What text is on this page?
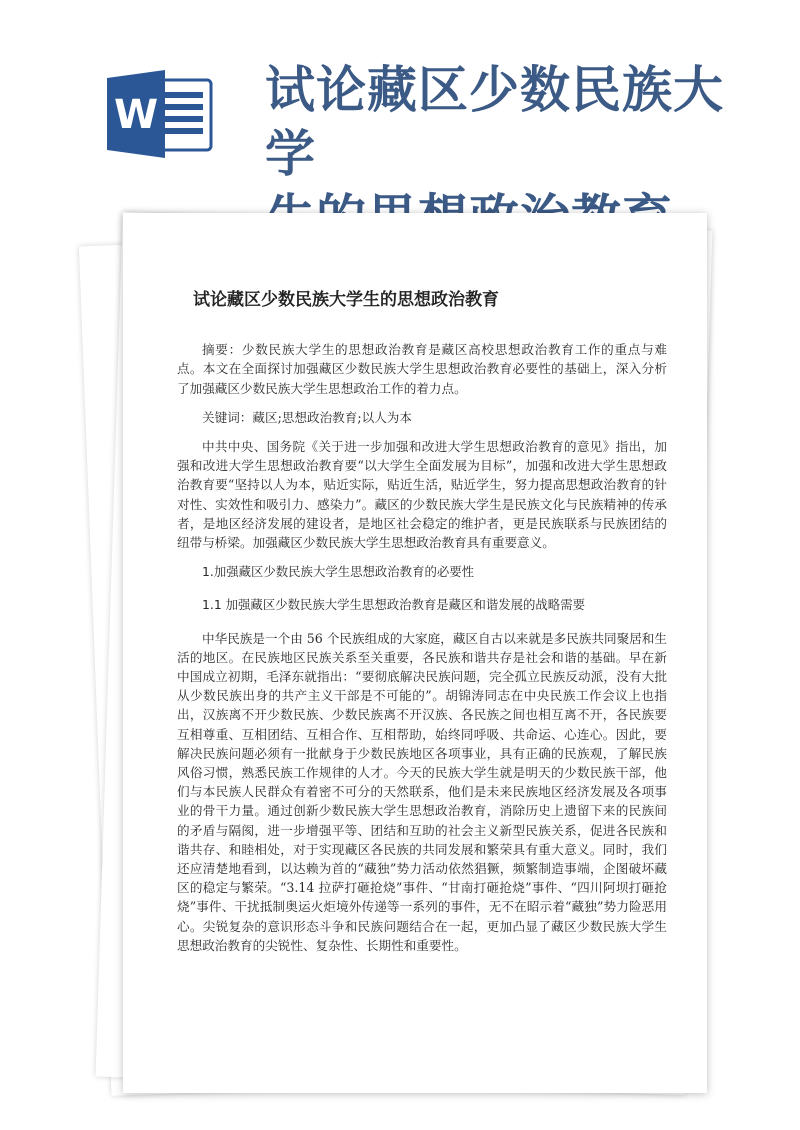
W 试论藏区少数民族大学
试论藏区少数民族大学生的思想政治教育

摘要：少数民族大学生的思想政治教育是藏区高校思想政治教育工作的重点与难点。本文在全面探讨加强藏区少数民族大学生思想政治教育必要性的基础上，深入分析了加强藏区少数民族大学生思想政治工作的着力点。

关键词：藏区;思想政治教育;以人为本

中共中央、国务院《关于进一步加强和改进大学生思想政治教育的意见》指出，加强和改进大学生思想政治教育要“以大学生全面发展为目标”，加强和改进大学生思想政治教育要“坚持以人为本，贴近实际，贴近生活，贴近学生，努力提高思想政治教育的针对性、实效性和吸引力、感染力”。藏区的少数民族大学生是民族文化与民族精神的传承者，是地区经济发展的建设者，是地区社会稳定的维护者，更是民族联系与民族团结的纽带与桥梁。加强藏区少数民族大学生思想政治教育具有重要意义。

1.加强藏区少数民族大学生思想政治教育的必要性

1.1 加强藏区少数民族大学生思想政治教育是藏区和谐发展的战略需要

中华民族是一个由 56 个民族组成的大家庭，藏区自古以来就是多民族共同聚居和生活的地区。在民族地区民族关系至关重要，各民族和谐共存是社会和谐的基础。早在新中国成立初期，毛泽东就指出：“要彻底解决民族问题，完全孤立民族反动派，没有大批从少数民族出身的共产主义干部是不可能的”。胡锦涛同志在中央民族工作会议上也指出，汉族离不开少数民族、少数民族离不开汉族、各民族之间也相互离不开，各民族要互相尊重、互相团结、互相合作、互相帮助，始终同呼吸、共命运、心连心。因此，要解决民族问题必须有一批献身于少数民族地区各项事业，具有正确的民族观，了解民族风俗习惯，熟悉民族工作规律的人才。今天的民族大学生就是明天的少数民族干部，他们与本民族人民群众有着密不可分的天然联系，他们是未来民族地区经济发展及各项事业的骨干力量。通过创新少数民族大学生思想政治教育，消除历史上遗留下来的民族间的矛盾与隔阂，进一步增强平等、团结和互助的社会主义新型民族关系，促进各民族和谐共存、和睦相处，对于实现藏区各民族的共同发展和繁荣具有重大意义。同时，我们还应清楚地看到，以达赖为首的“藏独”势力活动依然猖獗，频繁制造事端，企图破坏藏区的稳定与繁荣。“3.14 拉萨打砸抢烧”事件、“甘南打砸抢烧”事件、“四川阿坝打砸抢烧”事件、干扰抵制奥运火炬境外传递等一系列的事件，无不在昭示着“藏独”势力险恶用心。尖锐复杂的意识形态斗争和民族问题结合在一起，更加凸显了藏区少数民族大学生思想政治教育的尖锐性、复杂性、长期性和重要性。
